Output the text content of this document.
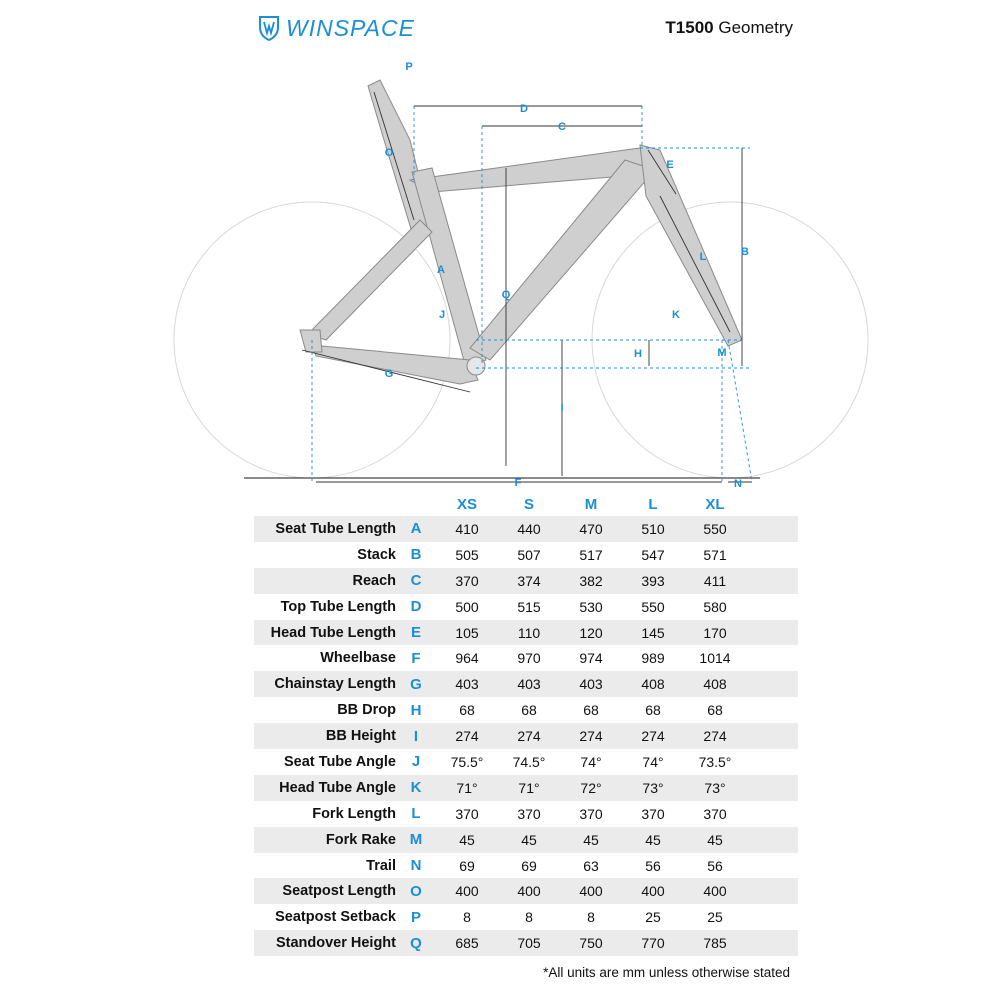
WINSPACE	T1500 Geometry
A
B
C
D
E
F
G
H
I
J	K
L
M
N
O
P
Q
XS	S	M	L	XL
Seat Tube Length A	410	440	470	510	550
Stack B	505	507	517	547	571
Reach C	370	374	382	393	411
Top Tube Length D	500	515	530	550	580
Head Tube Length E	105	110	120	145	170
Wheelbase	F	964	970	974	989	1014
Chainstay Length G	403	403	403	408	408
BB Drop H	68	68	68	68	68
BB Height	I	274	274	274	274	274
Seat Tube Angle	J	75.5°	74.5°	74°	74°	73.5°
Head Tube Angle K	71°	71°	72°	73°	73°
Fork Length	L	370	370	370	370	370
Fork Rake M	45	45	45	45	45
Trail N	69	69	63	56	56
Seatpost Length O	400	400	400	400	400
Seatpost Setback P	8	8	8	25	25
Standover Height Q	685	705	750	770	785
*All units are mm unless otherwise stated
